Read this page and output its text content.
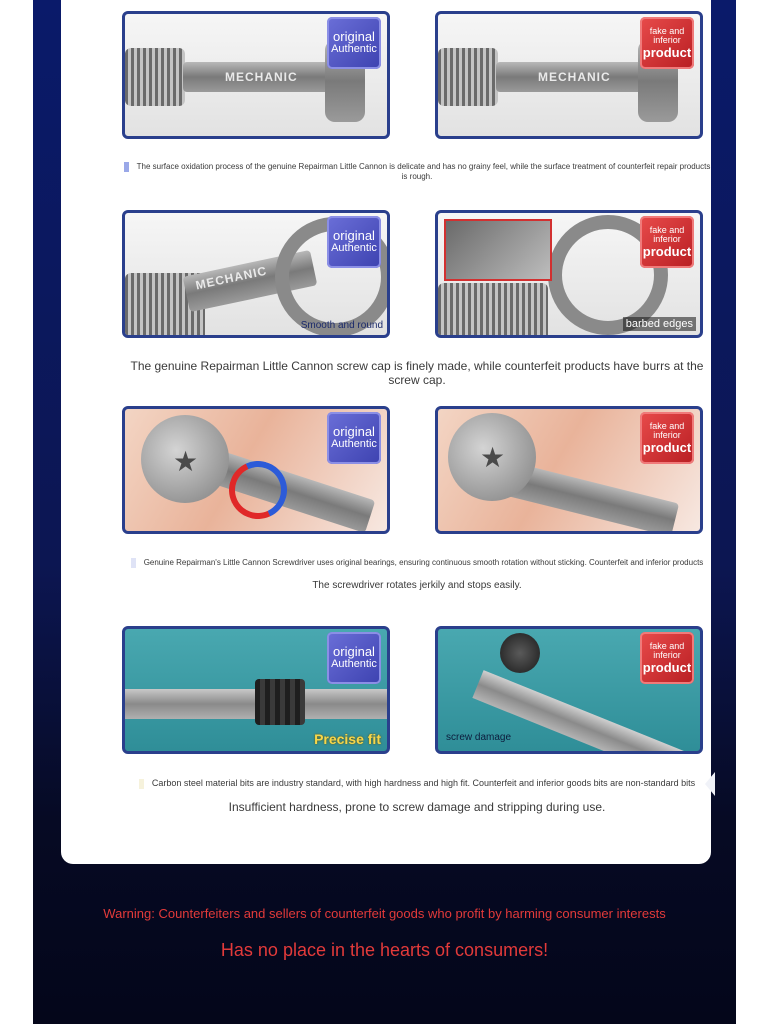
MECHANIC
original
Authentic
MECHANIC
fake and
inferior
product
The surface oxidation process of the genuine Repairman Little Cannon is delicate and has no grainy feel, while the surface treatment of counterfeit repair products is rough.
MECHANIC
Smooth and round
original
Authentic
barbed edges
fake and
inferior
product
The genuine Repairman Little Cannon screw cap is finely made, while counterfeit products have burrs at the screw cap.
★
original
Authentic	★
fake and
inferior
product
Genuine Repairman's Little Cannon Screwdriver uses original bearings, ensuring continuous smooth rotation without sticking. Counterfeit and inferior products
The screwdriver rotates jerkily and stops easily.
Precise fit
original
Authentic
screw damage
fake and
inferior
product
Carbon steel material bits are industry standard, with high hardness and high fit. Counterfeit and inferior goods bits are non-standard bits
Insufficient hardness, prone to screw damage and stripping during use.
Warning: Counterfeiters and sellers of counterfeit goods who profit by harming consumer interests
Has no place in the hearts of consumers!
